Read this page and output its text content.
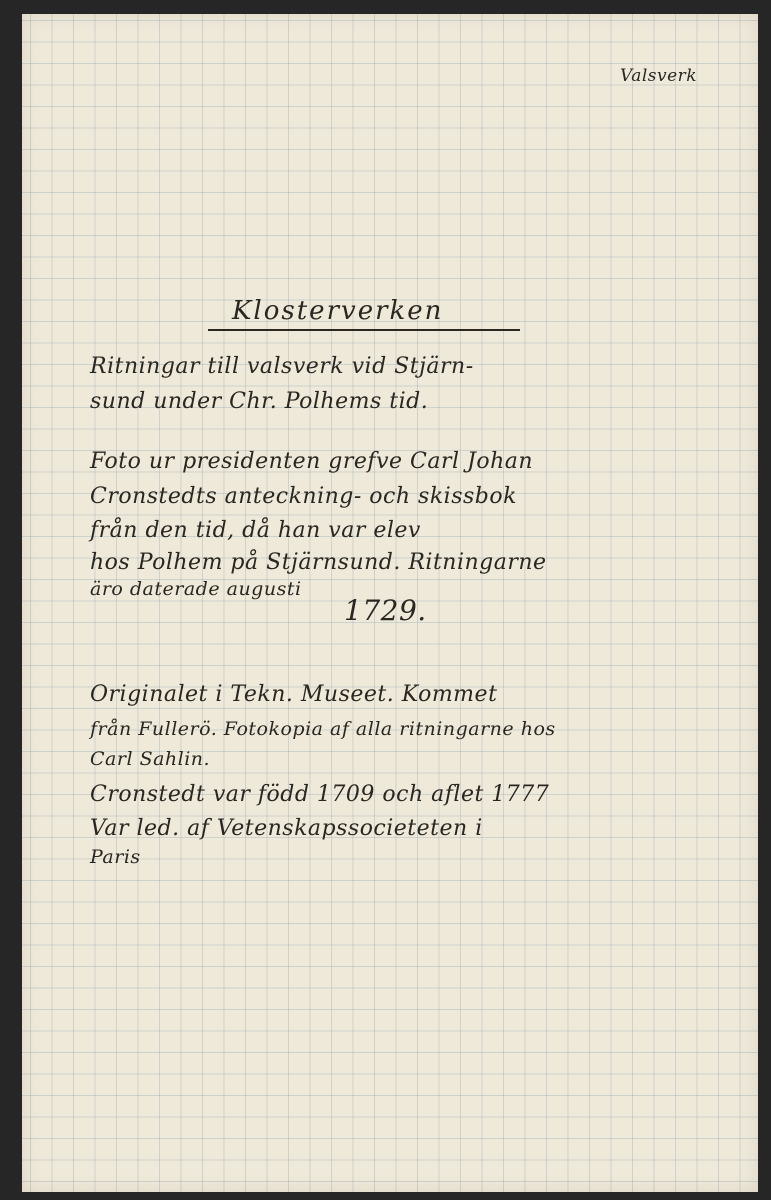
Valsverk
Klosterverken
Ritningar till valsverk vid Stjärn-
sund under Chr. Polhems tid.
Foto ur presidenten grefve Carl Johan
Cronstedts anteckning- och skissbok
från den tid, då han var elev
hos Polhem på Stjärnsund. Ritningarne
äro daterade augusti
1729.
Originalet i Tekn. Museet. Kommet
från Fullerö. Fotokopia af alla ritningarne hos
Carl Sahlin.
Cronstedt var född 1709 och aflet 1777
Var led. af Vetenskapssocieteten i
Paris
